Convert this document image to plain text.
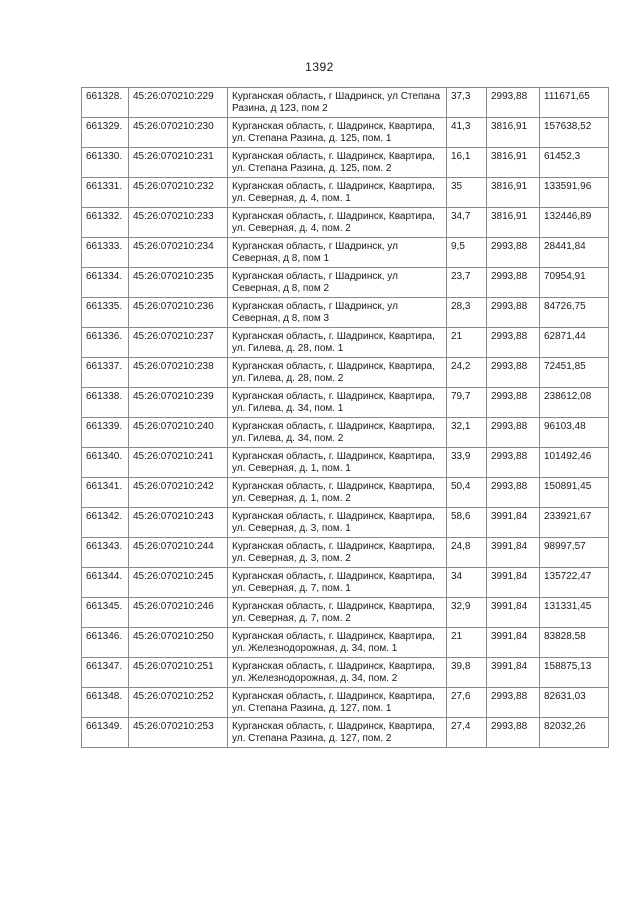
1392
661328.	45:26:070210:229	Курганская область, г Шадринск, ул Степана Разина, д 123, пом 2	37,3	2993,88	111671,65
661329.	45:26:070210:230	Курганская область, г. Шадринск, Квартира, ул. Степана Разина, д. 125, пом. 1	41,3	3816,91	157638,52
661330.	45:26:070210:231	Курганская область, г. Шадринск, Квартира, ул. Степана Разина, д. 125, пом. 2	16,1	3816,91	61452,3
661331.	45:26:070210:232	Курганская область, г. Шадринск, Квартира, ул. Северная, д. 4, пом. 1	35	3816,91	133591,96
661332.	45:26:070210:233	Курганская область, г. Шадринск, Квартира, ул. Северная, д. 4, пом. 2	34,7	3816,91	132446,89
661333.	45:26:070210:234	Курганская область, г Шадринск, ул Северная, д 8, пом 1	9,5	2993,88	28441,84
661334.	45:26:070210:235	Курганская область, г Шадринск, ул Северная, д 8, пом 2	23,7	2993,88	70954,91
661335.	45:26:070210:236	Курганская область, г Шадринск, ул Северная, д 8, пом 3	28,3	2993,88	84726,75
661336.	45:26:070210:237	Курганская область, г. Шадринск, Квартира, ул. Гилева, д. 28, пом. 1	21	2993,88	62871,44
661337.	45:26:070210:238	Курганская область, г. Шадринск, Квартира, ул. Гилева, д. 28, пом. 2	24,2	2993,88	72451,85
661338.	45:26:070210:239	Курганская область, г. Шадринск, Квартира, ул. Гилева, д. 34, пом. 1	79,7	2993,88	238612,08
661339.	45:26:070210:240	Курганская область, г. Шадринск, Квартира, ул. Гилева, д. 34, пом. 2	32,1	2993,88	96103,48
661340.	45:26:070210:241	Курганская область, г. Шадринск, Квартира, ул. Северная, д. 1, пом. 1	33,9	2993,88	101492,46
661341.	45:26:070210:242	Курганская область, г. Шадринск, Квартира, ул. Северная, д. 1, пом. 2	50,4	2993,88	150891,45
661342.	45:26:070210:243	Курганская область, г. Шадринск, Квартира, ул. Северная, д. 3, пом. 1	58,6	3991,84	233921,67
661343.	45:26:070210:244	Курганская область, г. Шадринск, Квартира, ул. Северная, д. 3, пом. 2	24,8	3991,84	98997,57
661344.	45:26:070210:245	Курганская область, г. Шадринск, Квартира, ул. Северная, д. 7, пом. 1	34	3991,84	135722,47
661345.	45:26:070210:246	Курганская область, г. Шадринск, Квартира, ул. Северная, д. 7, пом. 2	32,9	3991,84	131331,45
661346.	45:26:070210:250	Курганская область, г. Шадринск, Квартира, ул. Железнодорожная, д. 34, пом. 1	21	3991,84	83828,58
661347.	45:26:070210:251	Курганская область, г. Шадринск, Квартира, ул. Железнодорожная, д. 34, пом. 2	39,8	3991,84	158875,13
661348.	45:26:070210:252	Курганская область, г. Шадринск, Квартира, ул. Степана Разина, д. 127, пом. 1	27,6	2993,88	82631,03
661349.	45:26:070210:253	Курганская область, г. Шадринск, Квартира, ул. Степана Разина, д. 127, пом. 2	27,4	2993,88	82032,26
